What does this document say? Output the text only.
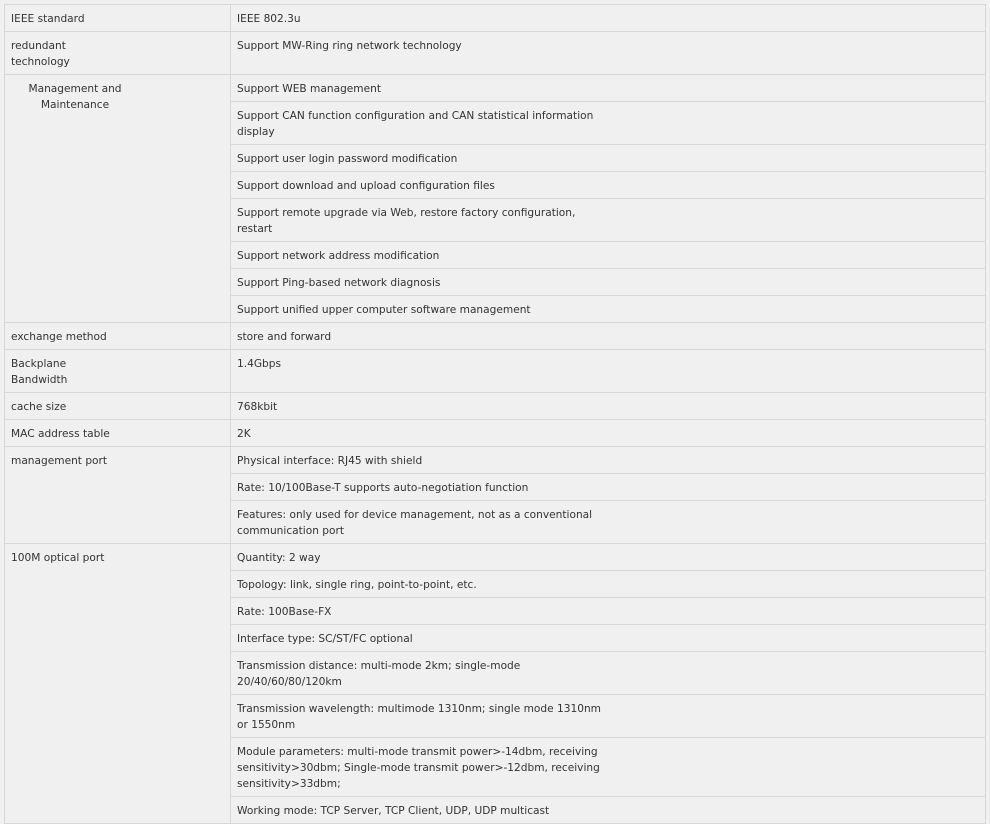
IEEE standard	IEEE 802.3u
redundant technology	Support MW-Ring ring network technology
Management and Maintenance	Support WEB management
	Support CAN function configuration and CAN statistical information display
	Support user login password modification
	Support download and upload configuration files
	Support remote upgrade via Web, restore factory configuration, restart
	Support network address modification
	Support Ping-based network diagnosis
	Support unified upper computer software management
exchange method	store and forward
Backplane Bandwidth	1.4Gbps
cache size	768kbit
MAC address table	2K
management port	Physical interface: RJ45 with shield
	Rate: 10/100Base-T supports auto-negotiation function
	Features: only used for device management, not as a conventional communication port
100M optical port	Quantity: 2 way
	Topology: link, single ring, point-to-point, etc.
	Rate: 100Base-FX
	Interface type: SC/ST/FC optional
	Transmission distance: multi-mode 2km; single-mode 20/40/60/80/120km
	Transmission wavelength: multimode 1310nm; single mode 1310nm or 1550nm
	Module parameters: multi-mode transmit power>-14dbm, receiving sensitivity>30dbm; Single-mode transmit power>-12dbm, receiving sensitivity>33dbm;
	Working mode: TCP Server, TCP Client, UDP, UDP multicast
